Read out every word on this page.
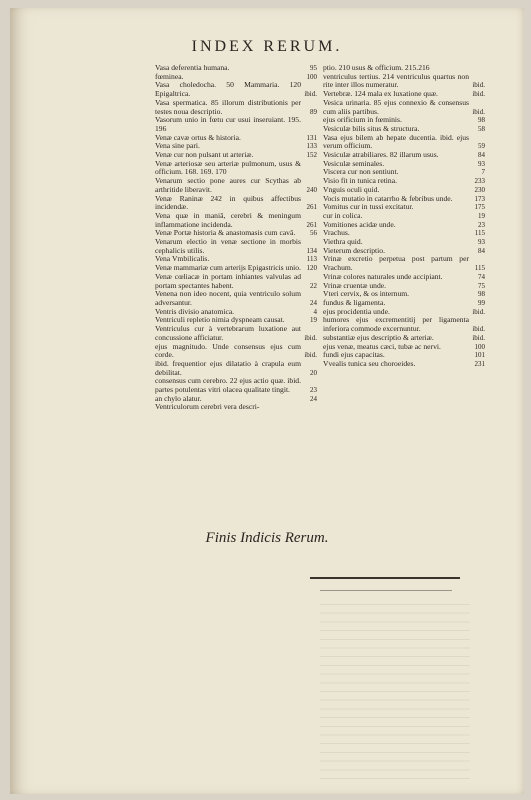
INDEX RERUM.
Vasa deferentia humana.	95
fœminea.	100
Vasa choledocha. 50 Mammaria. 120 Epigaltrica.	ibid.
Vasa spermatica. 85 illorum distributionis per testes noua descriptio.	89
Vasorum unio in fœtu cur usui inseruiant. 195. 196
Venæ cavæ ortus & historia.	131
Vena sine pari.	133
Venæ cur non pulsant ut arteriæ.	152
Venæ arteriosæ seu arteriæ pulmonum, usus & officium. 168. 169. 170
Venarum sectio pone aures cur Scythas ab arthritide liberavit.	240
Venæ Raninæ 242 in quibus affectibus incidendæ.	261
Vena quæ in maniâ, cerebri & meningum inflammatione incidenda.	261
Venæ Portæ historia & anastomasis cum cavâ.	56
Venarum electio in venæ sectione in morbis cephalicis utilis.	134
Vena Vmbilicalis.	113
Venæ mammariæ cum arterijs Epigastricis unio. 120
Venæ cœliacæ in portam inhiantes valvulas ad portam spectantes habent.	22
Venena non ideo nocent, quia ventriculo solum adversantur.	24
Ventris divisio anatomica.	4
Ventriculi repletio nimia dyspneam causat.	19
Ventriculus cur à vertebrarum luxatione aut concussione afficiatur.	ibid.
ejus magnitudo. Unde consensus ejus cum corde.	ibid.
ibid. frequentior ejus dilatatio à crapula eum debilitat.	20
consensus cum cerebro. 22 ejus actio quæ. ibid. partes potulentas vitri olacea qualitate tingit.	23
an chylo alatur.	24
Ventriculorum cerebri vera descri-
ptio. 210 usus & officium. 215.216
ventriculus tertius. 214 ventriculus quartus non rite inter illos numeratur.	ibid.
Vertebræ. 124 mala ex luxatione quæ.	ibid.
Vesica urinaria. 85 ejus connexio & consensus cum aliis partibus.	ibid.
ejus orificium in fœminis.	98
Vesiculæ bilis situs & structura.	58
Vasa ejus bilem ab hepate ducentia. ibid. ejus verum officium.	59
Vesiculæ atrabiliares. 82 illarum usus.	84
Vesiculæ seminales.	93
Viscera cur non sentiunt.	7
Visio fit in tunica retina.	233
Vnguis oculi quid.	230
Vocis mutatio in catarrho & febribus unde.	173
Vomitus cur in tussi excitatur.	175
cur in colica.	19
Vomitiones acidæ unde.	23
Vrachus.	115
Viethra quid.	93
Vieterum descriptio.	84
Vrinæ excretio perpetua post partum per Vrachum.	115
Vrinæ colores naturales unde accipiant.	74
Vrinæ cruentæ unde.	75
Vteri cervix, & os internum.	98
fundus & ligamenta.	99
ejus procidentia unde.	ibid.
humores ejus excrementitij per ligamenta inferiora commode excernuntur.	ibid.
substantiæ ejus descriptio & arteriæ.	ibid.
ejus venæ, meatus cæci, tubæ ac nervi.	100
fundi ejus capacitas.	101
Vvealis tunica seu choroeides.	231
Finis Indicis Rerum.
